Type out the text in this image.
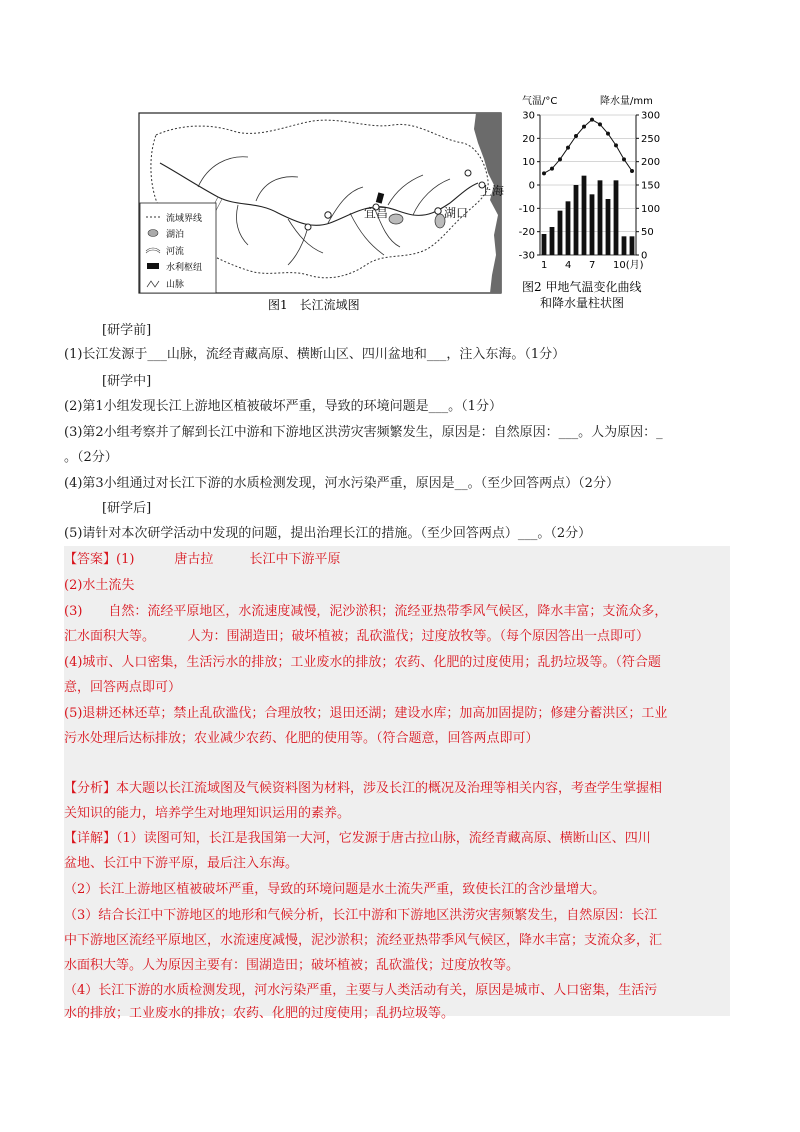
宜昌	湖口
上海
流域界线
湖泊
河流
水利枢纽
山脉
图1　长江流域图
气温/°C	降水量/mm
图2 甲地气温变化曲线
和降水量柱状图
30
20
10
0
-10
-20
-30
300
250
200
150
100
50
0
1 4 7 10(月)
[研学前]
(1)长江发源于___山脉，流经青藏高原、横断山区、四川盆地和___，注入东海。（1分）
[研学中]
(2)第1小组发现长江上游地区植被破坏严重，导致的环境问题是___。（1分）
(3)第2小组考察并了解到长江中游和下游地区洪涝灾害频繁发生，原因是：自然原因：___。人为原因：_
。（2分）
(4)第3小组通过对长江下游的水质检测发现，河水污染严重，原因是__。（至少回答两点）（2分）
[研学后]
(5)请针对本次研学活动中发现的问题，提出治理长江的措施。（至少回答两点）___。（2分）
【答案】(1)	唐古拉	长江中下游平原
(2)水土流失
(3)　　自然：流经平原地区，水流速度减慢，泥沙淤积；流经亚热带季风气候区，降水丰富；支流众多，
汇水面积大等。　　　人为：围湖造田；破坏植被；乱砍滥伐；过度放牧等。（每个原因答出一点即可）
(4)城市、人口密集，生活污水的排放；工业废水的排放；农药、化肥的过度使用；乱扔垃圾等。（符合题
意，回答两点即可）
(5)退耕还林还草；禁止乱砍滥伐；合理放牧；退田还湖；建设水库；加高加固提防；修建分蓄洪区；工业
污水处理后达标排放；农业减少农药、化肥的使用等。（符合题意，回答两点即可）
【分析】本大题以长江流域图及气候资料图为材料，涉及长江的概况及治理等相关内容，考查学生掌握相
关知识的能力，培养学生对地理知识运用的素养。
【详解】（1）读图可知，长江是我国第一大河，它发源于唐古拉山脉，流经青藏高原、横断山区、四川
盆地、长江中下游平原，最后注入东海。
（2）长江上游地区植被破坏严重，导致的环境问题是水土流失严重，致使长江的含沙量增大。
（3）结合长江中下游地区的地形和气候分析，长江中游和下游地区洪涝灾害频繁发生，自然原因：长江
中下游地区流经平原地区，水流速度减慢，泥沙淤积；流经亚热带季风气候区，降水丰富；支流众多，汇
水面积大等。人为原因主要有：围湖造田；破坏植被；乱砍滥伐；过度放牧等。
（4）长江下游的水质检测发现，河水污染严重，主要与人类活动有关，原因是城市、人口密集，生活污
水的排放；工业废水的排放；农药、化肥的过度使用；乱扔垃圾等。
